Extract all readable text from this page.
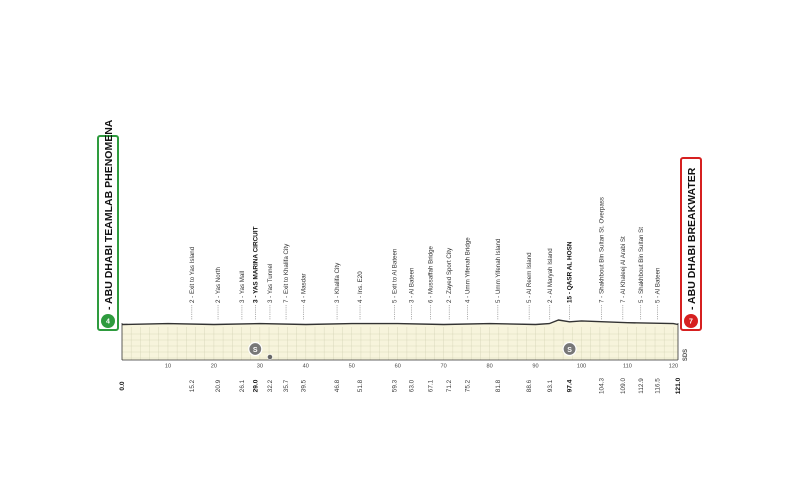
2 - Exit to Yas Island
2 - Yas North
3 - Yas Mall
3 - YAS MARINA CIRCUIT
3 - Yas Tunnel
7 - Exit to Khalifa City
4 - Masdar
3 - Khalifa City
4 - Ins. E20
5 - Exit to Al Bateen
3 - Al Bateen
6 - Mussaffah Bridge
2 - Zayed Sport City
4 - Umm Yifenah Bridge
5 - Umm Yifenah Island
5 - Al Reem Island
2 - Al Maryah Island
15 - QASR AL HOSN
7 - Shakhbout Bin Sultan St. Overpass
7 - Al Khaleej Al Arabi St
5 - Shakhbout Bin Sultan St
5 - Al Bateen
10	20	30	40	50	60	70	80	90	100	110	120
15.2	20.9	26.1 29.0 32.2 35.7 39.5	46.8	51.8	59.3 63.0 67.1 71.2 75.2	81.8	88.6 93.1 97.4	104.3 109.0 112.9 116.5
S	S
4
- ABU DHABI TEAMLAB PHENOMENA
0.0
7
- ABU DHABI BREAKWATER
121.0
SDS
